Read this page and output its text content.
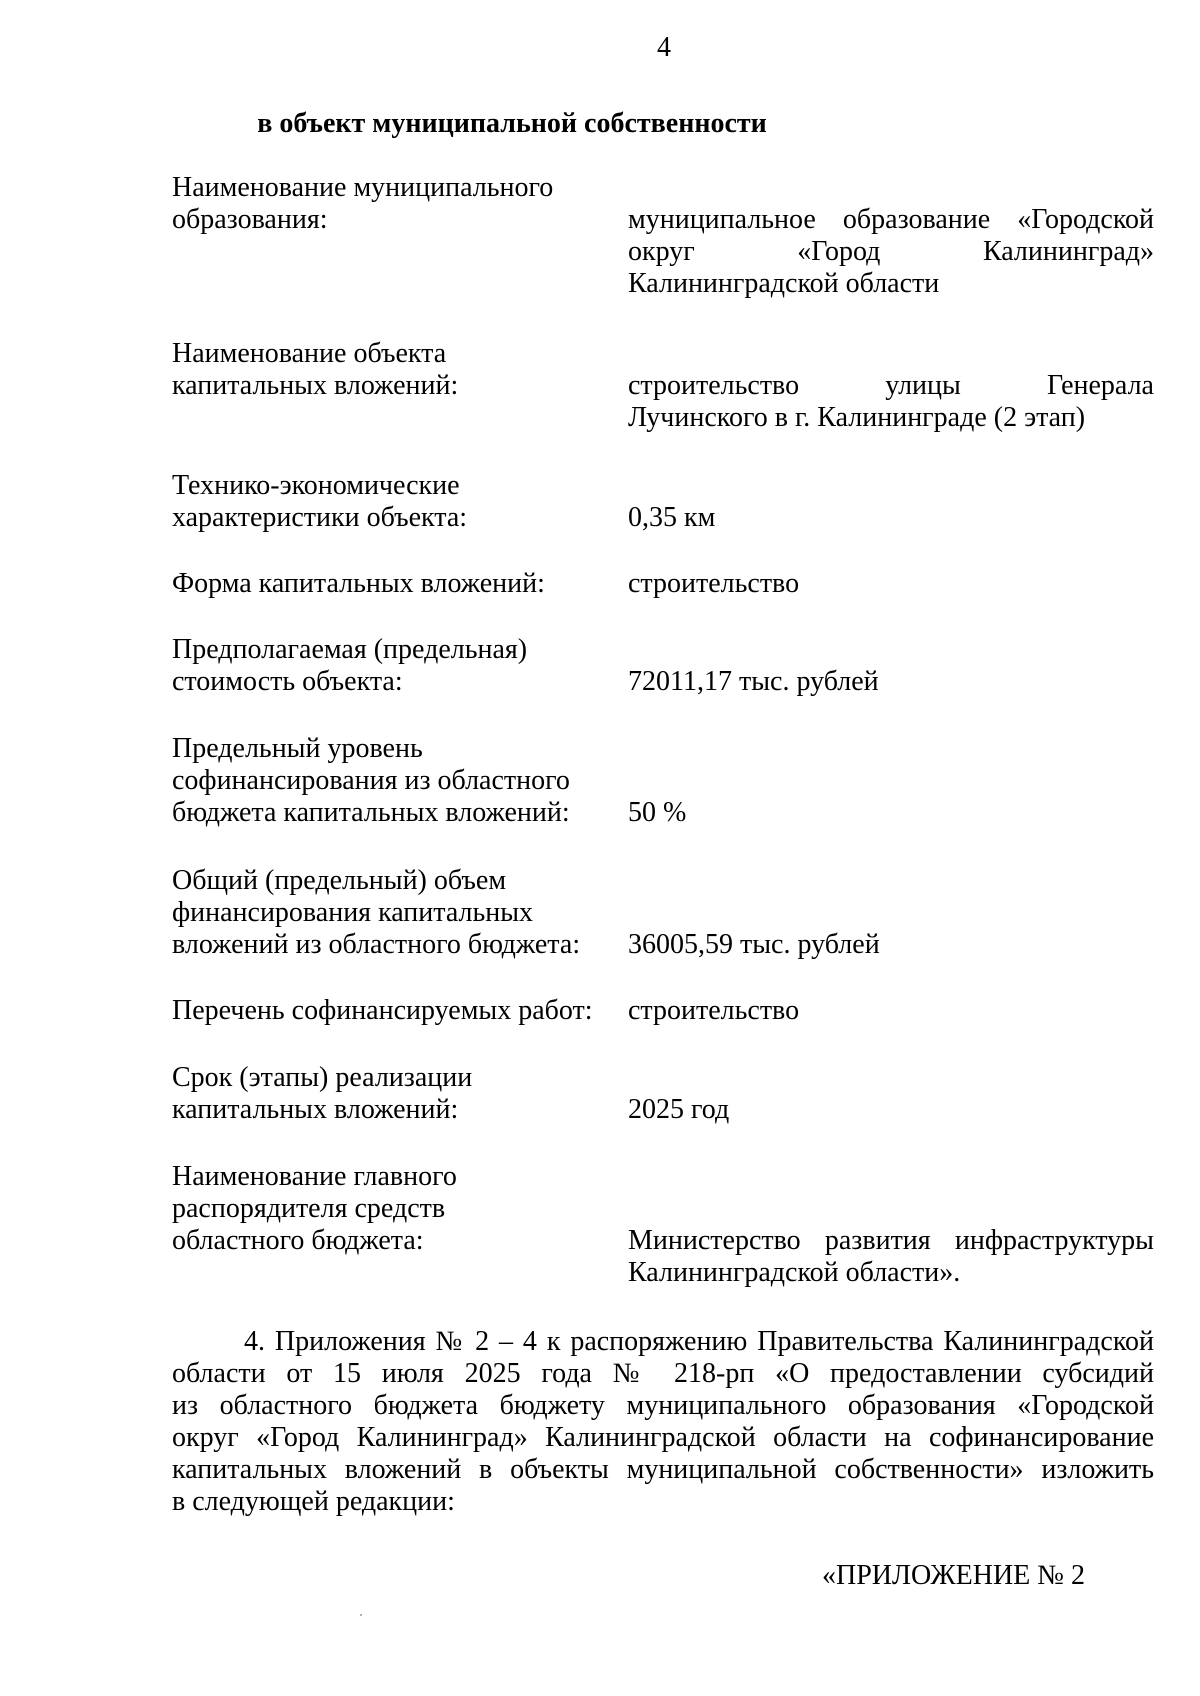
4
в объект муниципальной собственности
Наименование муниципального
образования:	муниципальное образование «Городской
округ «Город Калининград»
Калининградской области
Наименование объекта
капитальных вложений:	строительство улицы Генерала
Лучинского в г. Калининграде (2 этап)
Технико-экономические
характеристики объекта:	0,35 км
Форма капитальных вложений:	строительство
Предполагаемая (предельная)
стоимость объекта:	72011,17 тыс. рублей
Предельный уровень
софинансирования из областного
бюджета капитальных вложений:	50 %
Общий (предельный) объем
финансирования капитальных
вложений из областного бюджета:	36005,59 тыс. рублей
Перечень софинансируемых работ:	строительство
Срок (этапы) реализации
капитальных вложений:	2025 год
Наименование главного
распорядителя средств
областного бюджета:	Министерство развития инфраструктуры
Калининградской области».
4. Приложения № 2 – 4 к распоряжению Правительства Калининградской
области от 15 июля 2025 года № 218-рп «О предоставлении субсидий
из областного бюджета бюджету муниципального образования «Городской
округ «Город Калининград» Калининградской области на софинансирование
капитальных вложений в объекты муниципальной собственности» изложить
в следующей редакции:
«ПРИЛОЖЕНИЕ № 2
